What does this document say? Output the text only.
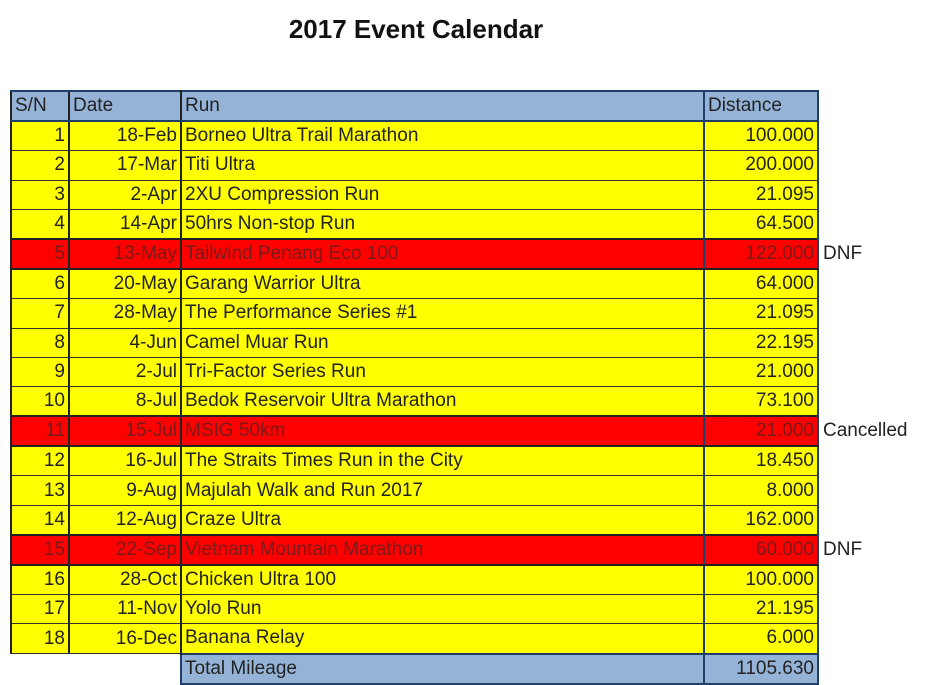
2017 Event Calendar
S/N	Date	Run	Distance	
1	18-Feb	Borneo Ultra Trail Marathon	100.000	
2	17-Mar	Titi Ultra	200.000	
3	2-Apr	2XU Compression Run	21.095	
4	14-Apr	50hrs Non-stop Run	64.500	
5	13-May	Tailwind Penang Eco 100	122.000	DNF
6	20-May	Garang Warrior Ultra	64.000	
7	28-May	The Performance Series #1	21.095	
8	4-Jun	Camel Muar Run	22.195	
9	2-Jul	Tri-Factor Series Run	21.000	
10	8-Jul	Bedok Reservoir Ultra Marathon	73.100	
11	15-Jul	MSIG 50km	21.000	Cancelled
12	16-Jul	The Straits Times Run in the City	18.450	
13	9-Aug	Majulah Walk and Run 2017	8.000	
14	12-Aug	Craze Ultra	162.000	
15	22-Sep	Vietnam Mountain Marathon	60.000	DNF
16	28-Oct	Chicken Ultra 100	100.000	
17	11-Nov	Yolo Run	21.195	
18	16-Dec	Banana Relay	6.000	
		Total Mileage	1105.630	
